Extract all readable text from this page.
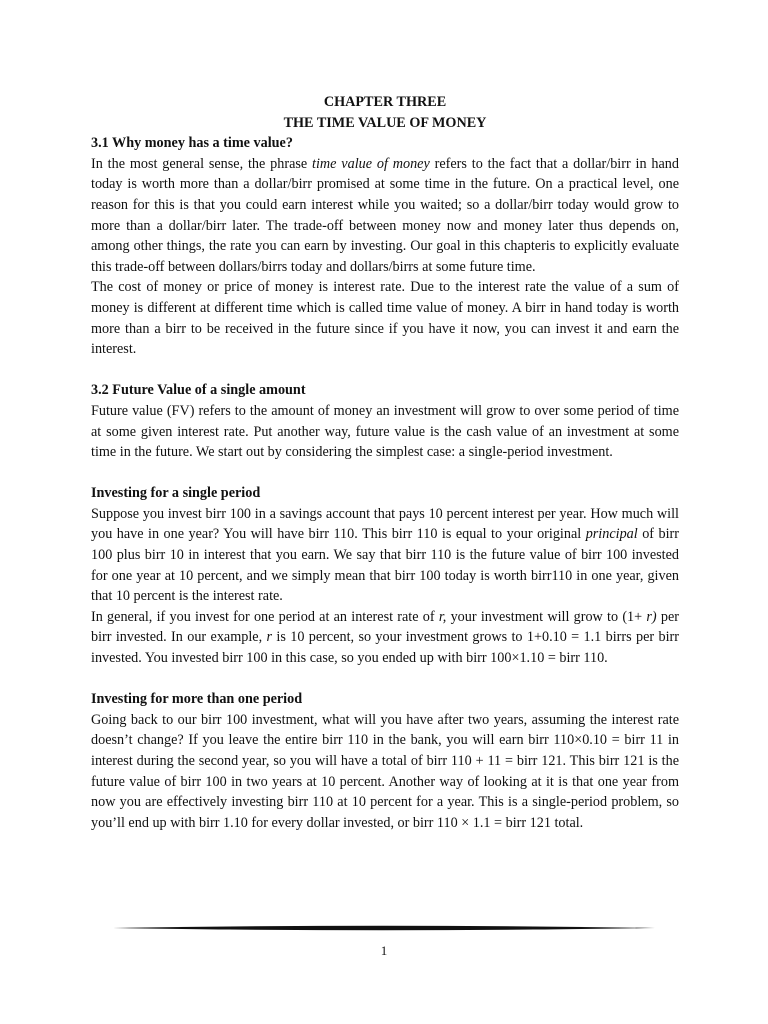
CHAPTER THREE

THE TIME VALUE OF MONEY

3.1 Why money has a time value?

In the most general sense, the phrase time value of money refers to the fact that a dollar/birr in hand today is worth more than a dollar/birr promised at some time in the future. On a practical level, one reason for this is that you could earn interest while you waited; so a dollar/birr today would grow to more than a dollar/birr later. The trade-off between money now and money later thus depends on, among other things, the rate you can earn by investing. Our goal in this chapteris to explicitly evaluate this trade-off between dollars/birrs today and dollars/birrs at some future time.

The cost of money or price of money is interest rate. Due to the interest rate the value of a sum of money is different at different time which is called time value of money. A birr in hand today is worth more than a birr to be received in the future since if you have it now, you can invest it and earn the interest.

3.2 Future Value of a single amount

Future value (FV) refers to the amount of money an investment will grow to over some period of time at some given interest rate. Put another way, future value is the cash value of an investment at some time in the future. We start out by considering the simplest case: a single-period investment.

Investing for a single period

Suppose you invest birr 100 in a savings account that pays 10 percent interest per year. How much will you have in one year? You will have birr 110. This birr 110 is equal to your original principal of birr 100 plus birr 10 in interest that you earn. We say that birr 110 is the future value of birr 100 invested for one year at 10 percent, and we simply mean that birr 100 today is worth birr110 in one year, given that 10 percent is the interest rate.

In general, if you invest for one period at an interest rate of r, your investment will grow to (1+ r) per birr invested. In our example, r is 10 percent, so your investment grows to 1+0.10 = 1.1 birrs per birr invested. You invested birr 100 in this case, so you ended up with birr 100×1.10 = birr 110.

Investing for more than one period

Going back to our birr 100 investment, what will you have after two years, assuming the interest rate doesn’t change? If you leave the entire birr 110 in the bank, you will earn birr 110×0.10 = birr 11 in interest during the second year, so you will have a total of birr 110 + 11 = birr 121. This birr 121 is the future value of birr 100 in two years at 10 percent. Another way of looking at it is that one year from now you are effectively investing birr 110 at 10 percent for a year. This is a single-period problem, so you’ll end up with birr 1.10 for every dollar invested, or birr 110 × 1.1 = birr 121 total.

1
